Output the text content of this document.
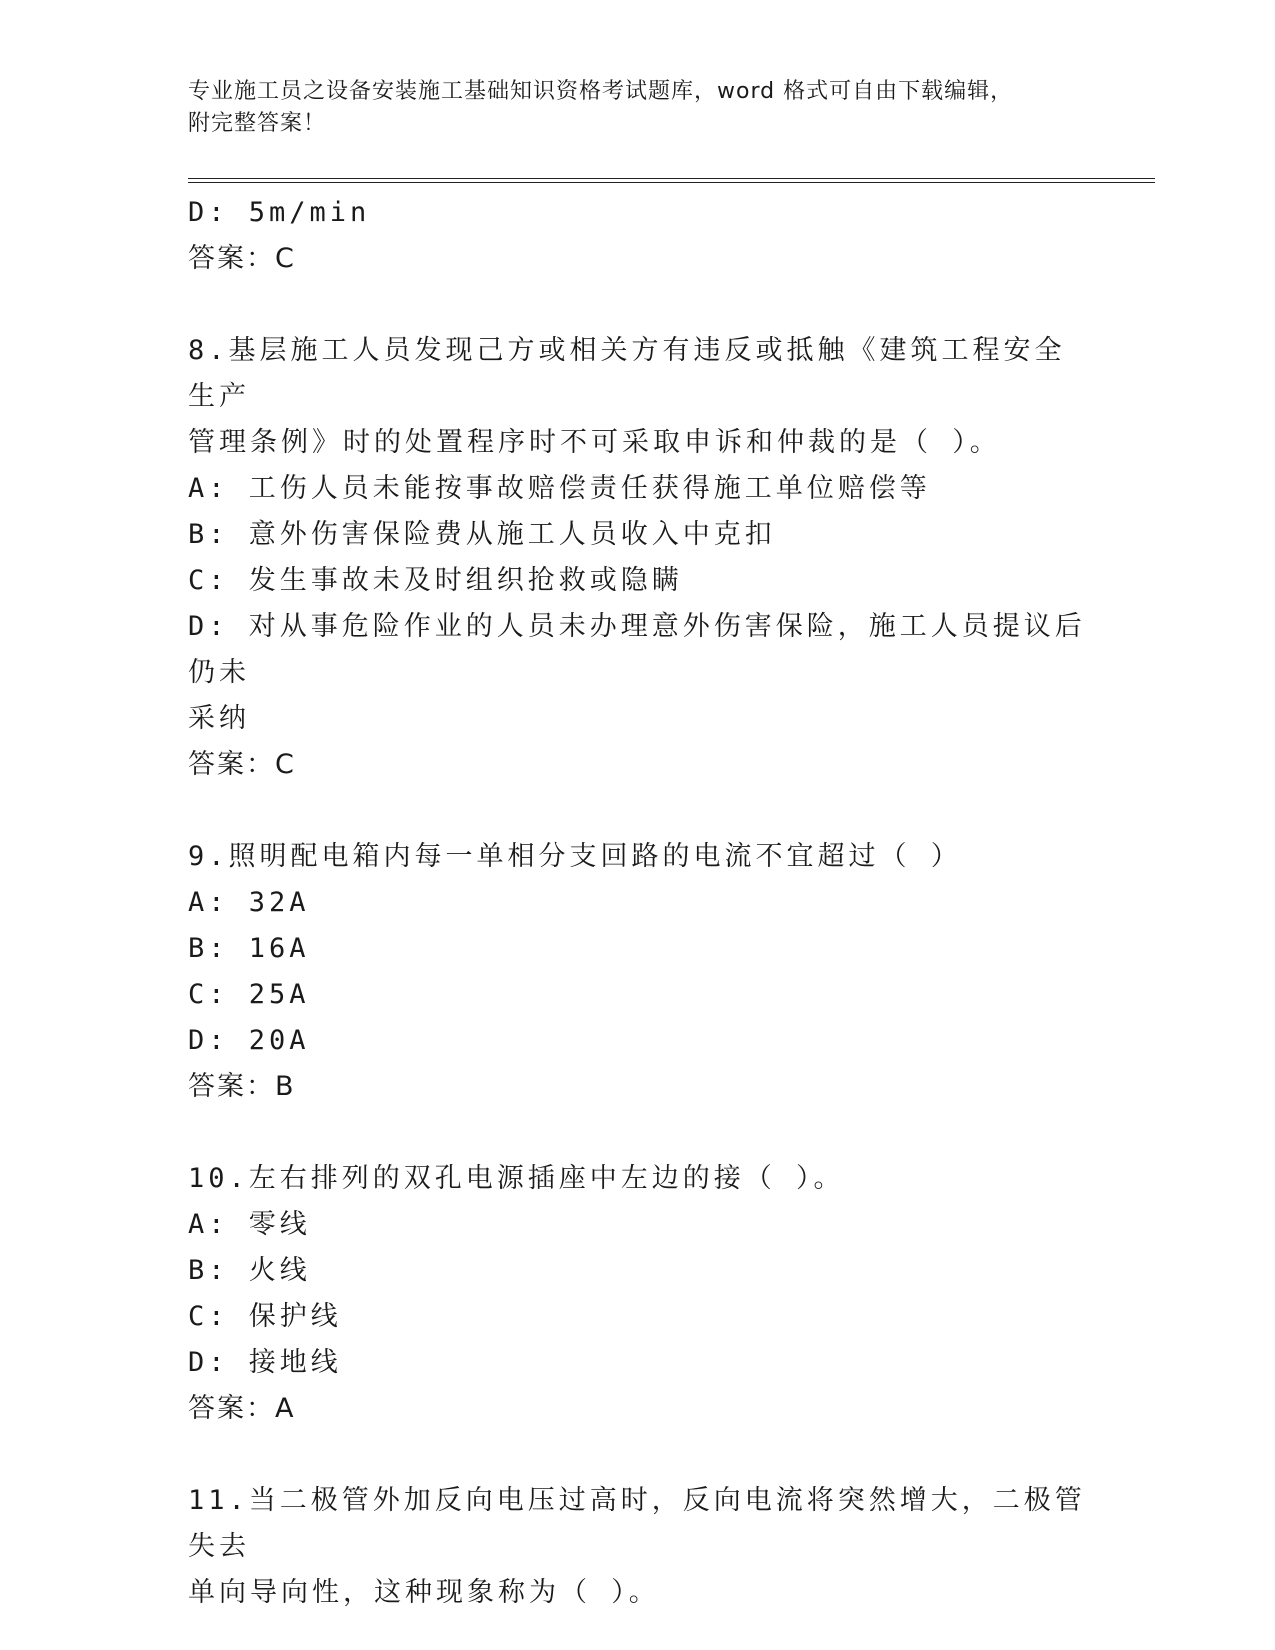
专业施工员之设备安装施工基础知识资格考试题库，word 格式可自由下载编辑，
附完整答案！

D: 5m/min

答案：C

8.基层施工人员发现己方或相关方有违反或抵触《建筑工程安全生产

管理条例》时的处置程序时不可采取申诉和仲裁的是（ ）。

A: 工伤人员未能按事故赔偿责任获得施工单位赔偿等

B: 意外伤害保险费从施工人员收入中克扣

C: 发生事故未及时组织抢救或隐瞒

D: 对从事危险作业的人员未办理意外伤害保险，施工人员提议后仍未

采纳

答案：C

9.照明配电箱内每一单相分支回路的电流不宜超过（ ）

A: 32A

B: 16A

C: 25A

D: 20A

答案：B

10.左右排列的双孔电源插座中左边的接（ ）。

A: 零线

B: 火线

C: 保护线

D: 接地线

答案：A

11.当二极管外加反向电压过高时，反向电流将突然增大，二极管失去

单向导向性，这种现象称为（ ）。
